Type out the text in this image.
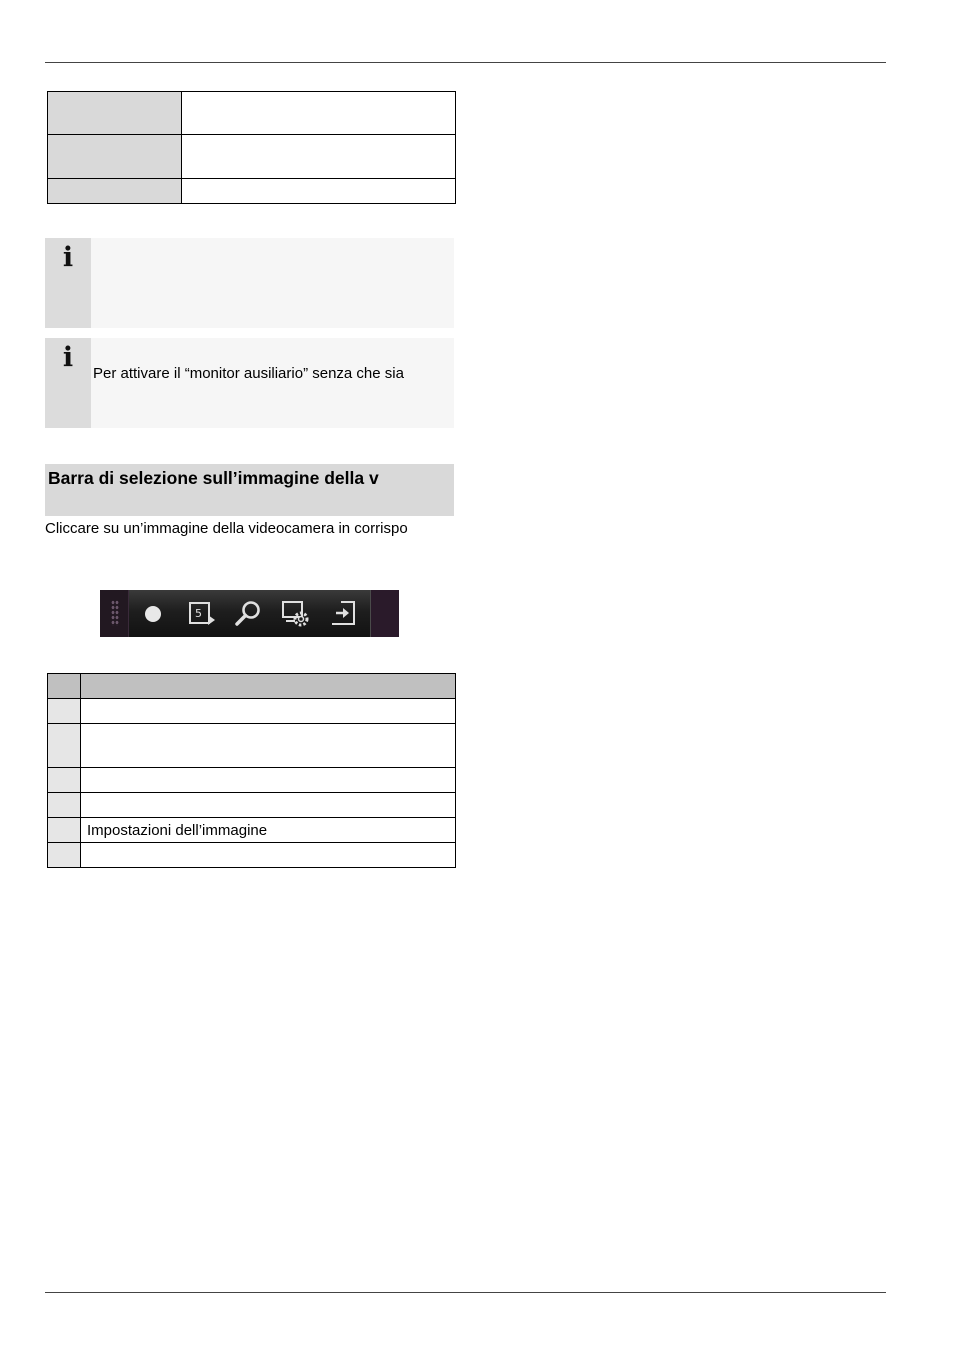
i
i
Per attivare il “monitor ausiliario” senza che sia
Barra di selezione sull’immagine della v
Cliccare su un’immagine della videocamera in corrispo
5

	Impostazioni dell’immagine
